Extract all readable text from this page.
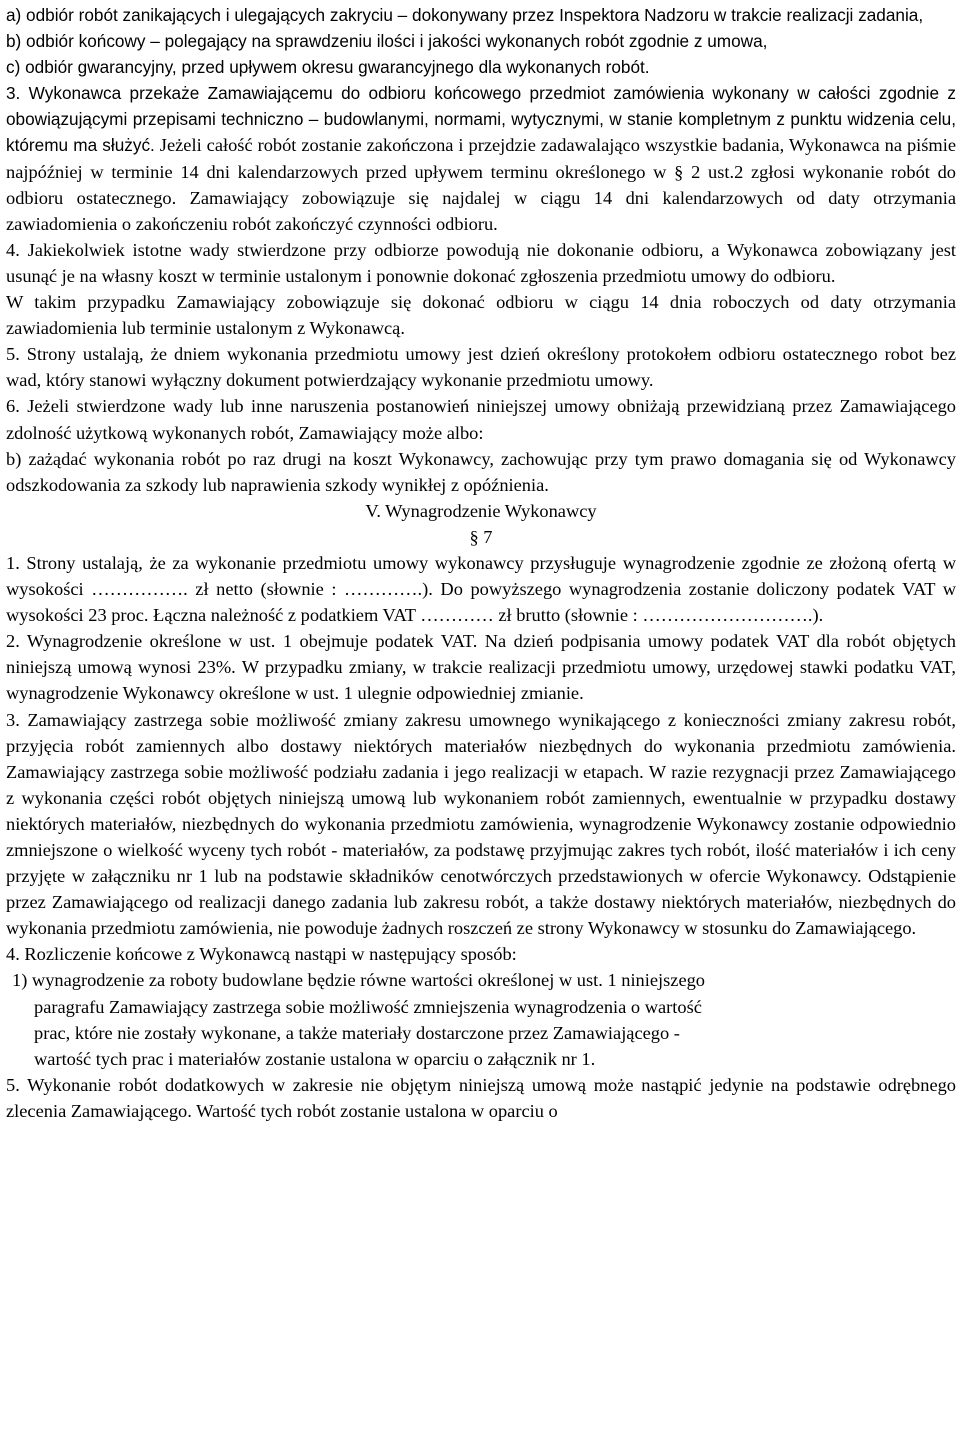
a) odbiór robót zanikających i ulegających zakryciu – dokonywany przez Inspektora Nadzoru w trakcie realizacji zadania,

b) odbiór końcowy – polegający na sprawdzeniu ilości i jakości wykonanych robót zgodnie z umowa,

c) odbiór gwarancyjny, przed upływem okresu gwarancyjnego dla wykonanych robót.

3. Wykonawca przekaże Zamawiającemu do odbioru końcowego przedmiot zamówienia wykonany w całości zgodnie z obowiązującymi przepisami techniczno – budowlanymi, normami, wytycznymi, w stanie kompletnym z punktu widzenia celu, któremu ma służyć. Jeżeli całość robót zostanie zakończona i przejdzie zadawalająco wszystkie badania, Wykonawca na piśmie najpóźniej w terminie 14 dni kalendarzowych przed upływem terminu określonego w § 2 ust.2 zgłosi wykonanie robót do odbioru ostatecznego. Zamawiający zobowiązuje się najdalej w ciągu 14 dni kalendarzowych od daty otrzymania zawiadomienia o zakończeniu robót zakończyć czynności odbioru.

4. Jakiekolwiek istotne wady stwierdzone przy odbiorze powodują nie dokonanie odbioru, a Wykonawca zobowiązany jest usunąć je na własny koszt w terminie ustalonym i ponownie dokonać zgłoszenia przedmiotu umowy do odbioru.

W takim przypadku Zamawiający zobowiązuje się dokonać odbioru w ciągu 14 dnia roboczych od daty otrzymania zawiadomienia lub terminie ustalonym z Wykonawcą.

5. Strony ustalają, że dniem wykonania przedmiotu umowy jest dzień określony protokołem odbioru ostatecznego robot bez wad, który stanowi wyłączny dokument potwierdzający wykonanie przedmiotu umowy.

6. Jeżeli stwierdzone wady lub inne naruszenia postanowień niniejszej umowy obniżają przewidzianą przez Zamawiającego zdolność użytkową wykonanych robót, Zamawiający może albo:

b) zażądać wykonania robót po raz drugi na koszt Wykonawcy, zachowując przy tym prawo domagania się od Wykonawcy odszkodowania za szkody lub naprawienia szkody wynikłej z opóźnienia.

V. Wynagrodzenie Wykonawcy

§ 7

1. Strony ustalają, że za wykonanie przedmiotu umowy wykonawcy przysługuje wynagrodzenie zgodnie ze złożoną ofertą w wysokości ……………. zł netto (słownie : ………….). Do powyższego wynagrodzenia zostanie doliczony podatek VAT w wysokości 23 proc. Łączna należność z podatkiem VAT ………… zł brutto (słownie : ……………………….).

2. Wynagrodzenie określone w ust. 1 obejmuje podatek VAT. Na dzień podpisania umowy podatek VAT dla robót objętych niniejszą umową wynosi 23%. W przypadku zmiany, w trakcie realizacji przedmiotu umowy, urzędowej stawki podatku VAT, wynagrodzenie Wykonawcy określone w ust. 1 ulegnie odpowiedniej zmianie.

3. Zamawiający zastrzega sobie możliwość zmiany zakresu umownego wynikającego z konieczności zmiany zakresu robót, przyjęcia robót zamiennych albo dostawy niektórych materiałów niezbędnych do wykonania przedmiotu zamówienia. Zamawiający zastrzega sobie możliwość podziału zadania i jego realizacji w etapach. W razie rezygnacji przez Zamawiającego z wykonania części robót objętych niniejszą umową lub wykonaniem robót zamiennych, ewentualnie w przypadku dostawy niektórych materiałów, niezbędnych do wykonania przedmiotu zamówienia, wynagrodzenie Wykonawcy zostanie odpowiednio zmniejszone o wielkość wyceny tych robót - materiałów, za podstawę przyjmując zakres tych robót, ilość materiałów i ich ceny przyjęte w załączniku nr 1 lub na podstawie składników cenotwórczych przedstawionych w ofercie Wykonawcy. Odstąpienie przez Zamawiającego od realizacji danego zadania lub zakresu robót, a także dostawy niektórych materiałów, niezbędnych do wykonania przedmiotu zamówienia, nie powoduje żadnych roszczeń ze strony Wykonawcy w stosunku do Zamawiającego.

4. Rozliczenie końcowe z Wykonawcą nastąpi w następujący sposób:

1) wynagrodzenie za roboty budowlane będzie równe wartości określonej w ust. 1 niniejszego
paragrafu Zamawiający zastrzega sobie możliwość zmniejszenia wynagrodzenia o wartość
prac, które nie zostały wykonane, a także materiały dostarczone przez Zamawiającego -
wartość tych prac i materiałów zostanie ustalona w oparciu o załącznik nr 1.

5. Wykonanie robót dodatkowych w zakresie nie objętym niniejszą umową może nastąpić jedynie na podstawie odrębnego zlecenia Zamawiającego. Wartość tych robót zostanie ustalona w oparciu o
